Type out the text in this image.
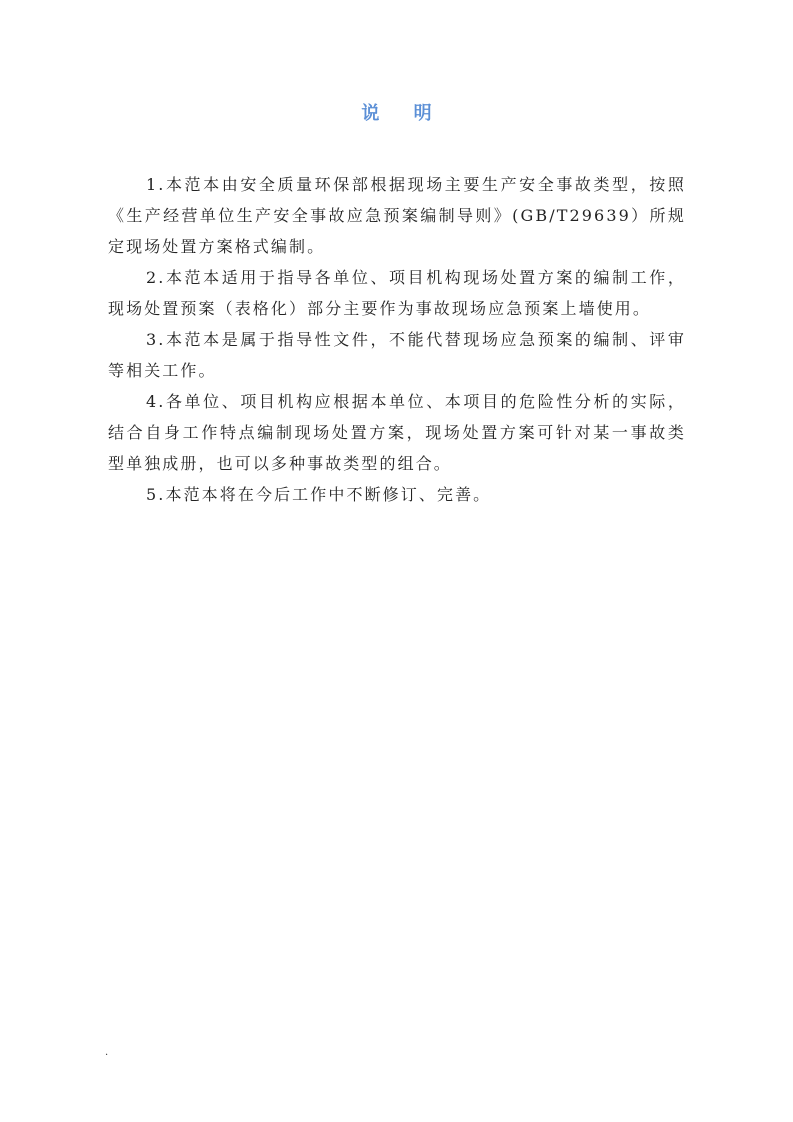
说 明

1.本范本由安全质量环保部根据现场主要生产安全事故类型，按照《生产经营单位生产安全事故应急预案编制导则》(GB/T29639）所规定现场处置方案格式编制。

2.本范本适用于指导各单位、项目机构现场处置方案的编制工作，现场处置预案（表格化）部分主要作为事故现场应急预案上墙使用。

3.本范本是属于指导性文件，不能代替现场应急预案的编制、评审等相关工作。

4.各单位、项目机构应根据本单位、本项目的危险性分析的实际，结合自身工作特点编制现场处置方案，现场处置方案可针对某一事故类型单独成册，也可以多种事故类型的组合。

5.本范本将在今后工作中不断修订、完善。

.
